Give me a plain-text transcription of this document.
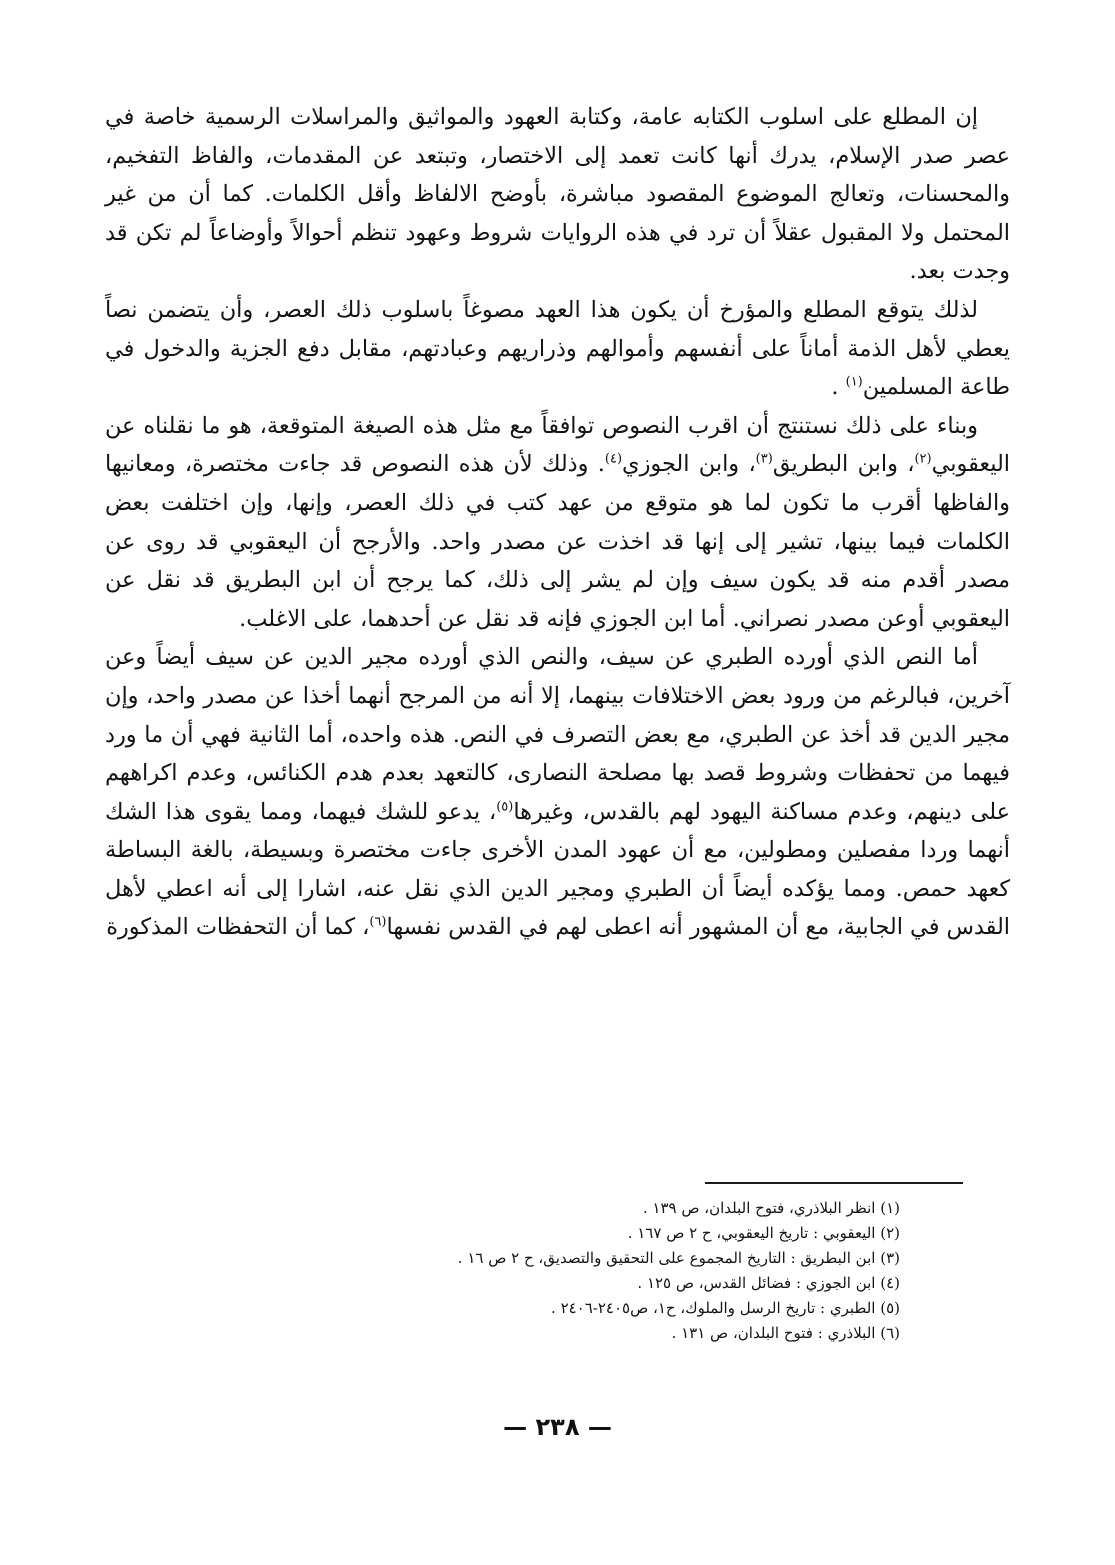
إن المطلع على اسلوب الكتابه عامة، وكتابة العهود والمواثيق والمراسلات الرسمية خاصة في عصر صدر الإسلام، يدرك أنها كانت تعمد إلى الاختصار، وتبتعد عن المقدمات، والفاظ التفخيم، والمحسنات، وتعالج الموضوع المقصود مباشرة، بأوضح الالفاظ وأقل الكلمات. كما أن من غير المحتمل ولا المقبول عقلاً أن ترد في هذه الروايات شروط وعهود تنظم أحوالاً وأوضاعاً لم تكن قد وجدت بعد.

لذلك يتوقع المطلع والمؤرخ أن يكون هذا العهد مصوغاً باسلوب ذلك العصر، وأن يتضمن نصاً يعطي لأهل الذمة أماناً على أنفسهم وأموالهم وذراريهم وعبادتهم، مقابل دفع الجزية والدخول في طاعة المسلمين$^{(١)}$ .

وبناء على ذلك نستنتج أن اقرب النصوص توافقاً مع مثل هذه الصيغة المتوقعة، هو ما نقلناه عن اليعقوبي$^{(٢)}$، وابن البطريق$^{(٣)}$، وابن الجوزي$^{(٤)}$. وذلك لأن هذه النصوص قد جاءت مختصرة، ومعانيها والفاظها أقرب ما تكون لما هو متوقع من عهد كتب في ذلك العصر، وإنها، وإن اختلفت بعض الكلمات فيما بينها، تشير إلى إنها قد اخذت عن مصدر واحد. والأرجح أن اليعقوبي قد روى عن مصدر أقدم منه قد يكون سيف وإن لم يشر إلى ذلك، كما يرجح أن ابن البطريق قد نقل عن اليعقوبي أوعن مصدر نصراني. أما ابن الجوزي فإنه قد نقل عن أحدهما، على الاغلب.

أما النص الذي أورده الطبري عن سيف، والنص الذي أورده مجير الدين عن سيف أيضاً وعن آخرين، فبالرغم من ورود بعض الاختلافات بينهما، إلا أنه من المرجح أنهما أخذا عن مصدر واحد، وإن مجير الدين قد أخذ عن الطبري، مع بعض التصرف في النص. هذه واحده، أما الثانية فهي أن ما ورد فيهما من تحفظات وشروط قصد بها مصلحة النصارى، كالتعهد بعدم هدم الكنائس، وعدم اكراههم على دينهم، وعدم مساكنة اليهود لهم بالقدس، وغيرها$^{(٥)}$، يدعو للشك فيهما، ومما يقوى هذا الشك أنهما وردا مفصلين ومطولين، مع أن عهود المدن الأخرى جاءت مختصرة وبسيطة، بالغة البساطة كعهد حمص. ومما يؤكده أيضاً أن الطبري ومجير الدين الذي نقل عنه، اشارا إلى أنه اعطي لأهل القدس في الجابية، مع أن المشهور أنه اعطى لهم في القدس نفسها$^{(٦)}$، كما أن التحفظات المذكورة

(١) انظر البلاذري، فتوح البلدان، ص ١٣٩ .
(٢) اليعقوبي : تاريخ اليعقوبي، ح ٢ ص ١٦٧ .
(٣) ابن البطريق : التاريخ المجموع على التحقيق والتصديق، ح ٢ ص ١٦ .
(٤) ابن الجوزي : فضائل القدس، ص ١٢٥ .
(٥) الطبري : تاريخ الرسل والملوك، ح١، ص٢٤٠٥-٢٤٠٦ .
(٦) البلاذري : فتوح البلدان، ص ١٣١ .
— ٢٣٨ —
